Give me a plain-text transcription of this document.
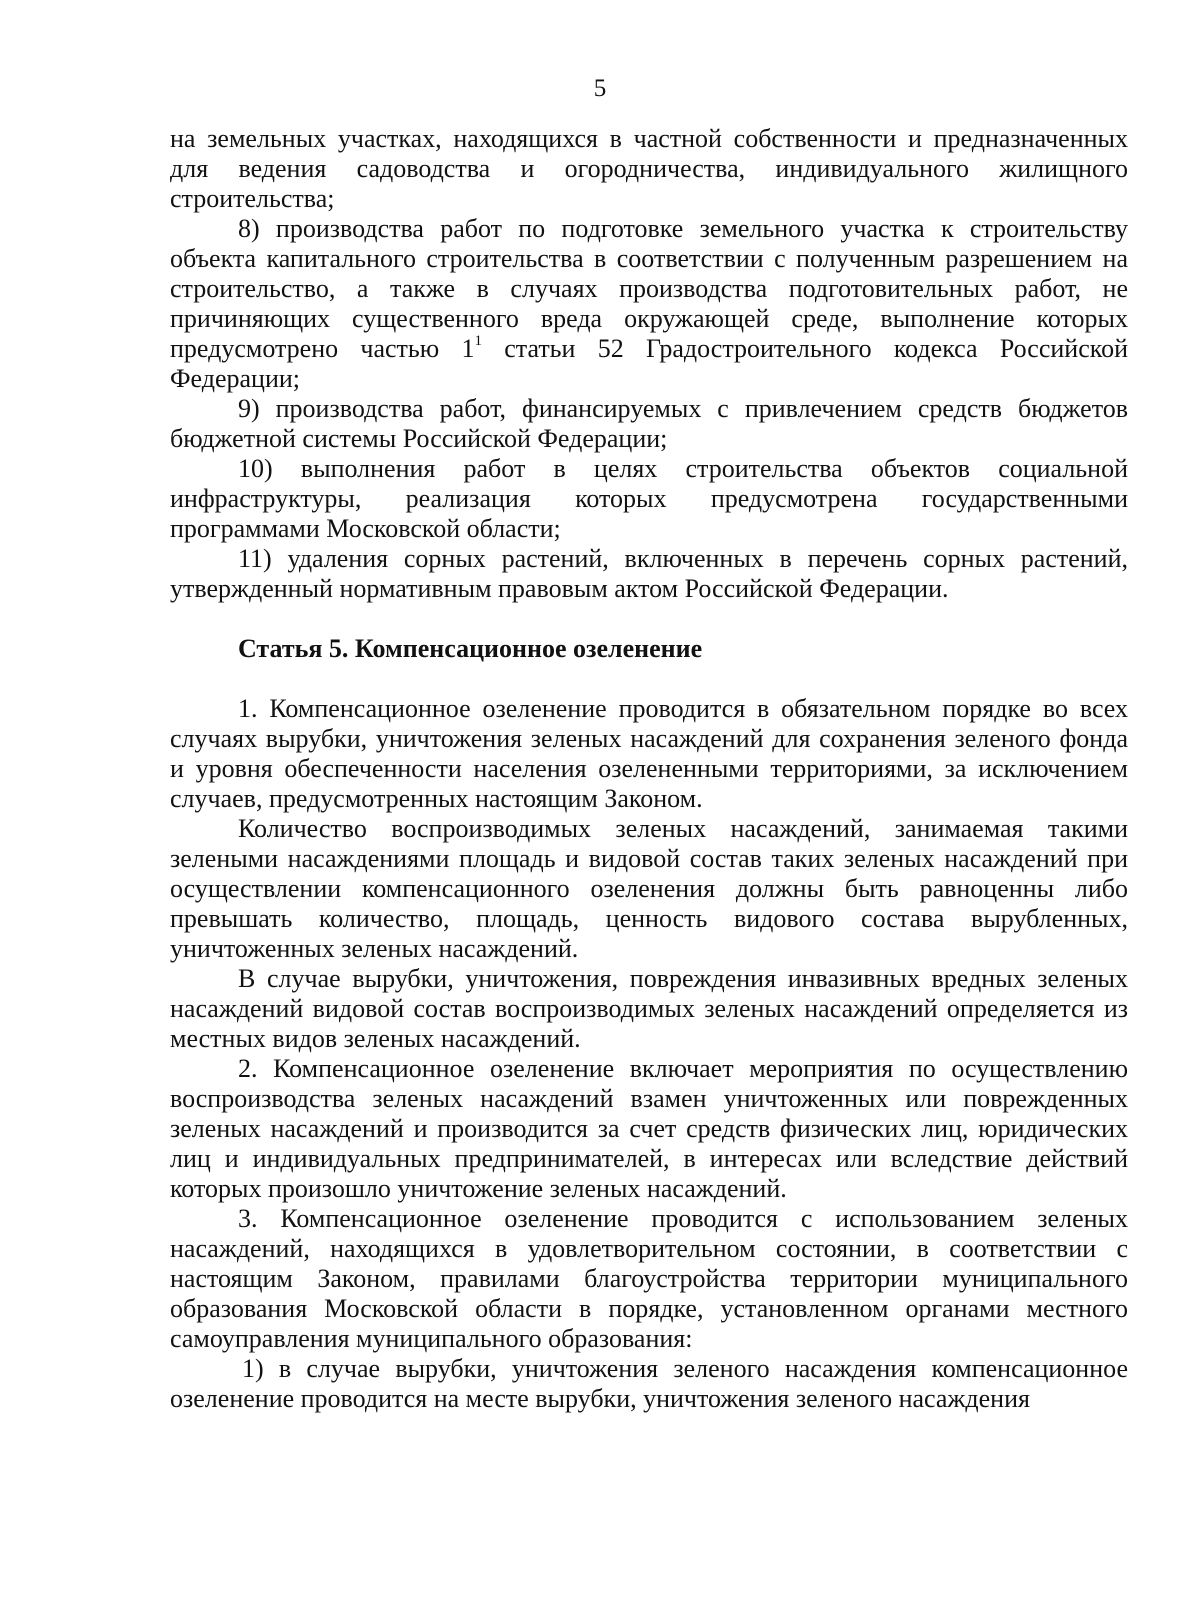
5

на земельных участках, находящихся в частной собственности и предназначенных для ведения садоводства и огородничества, индивидуального жилищного строительства;

8) производства работ по подготовке земельного участка к строительству объекта капитального строительства в соответствии с полученным разрешением на строительство, а также в случаях производства подготовительных работ, не причиняющих существенного вреда окружающей среде, выполнение которых предусмотрено частью $1^1$ статьи 52 Градостроительного кодекса Российской Федерации;

9) производства работ, финансируемых с привлечением средств бюджетов бюджетной системы Российской Федерации;

10) выполнения работ в целях строительства объектов социальной инфраструктуры, реализация которых предусмотрена государственными программами Московской области;

11) удаления сорных растений, включенных в перечень сорных растений, утвержденный нормативным правовым актом Российской Федерации.

Статья 5. Компенсационное озеленение

1. Компенсационное озеленение проводится в обязательном порядке во всех случаях вырубки, уничтожения зеленых насаждений для сохранения зеленого фонда и уровня обеспеченности населения озелененными территориями, за исключением случаев, предусмотренных настоящим Законом.

Количество воспроизводимых зеленых насаждений, занимаемая такими зелеными насаждениями площадь и видовой состав таких зеленых насаждений при осуществлении компенсационного озеленения должны быть равноценны либо превышать количество, площадь, ценность видового состава вырубленных, уничтоженных зеленых насаждений.

В случае вырубки, уничтожения, повреждения инвазивных вредных зеленых насаждений видовой состав воспроизводимых зеленых насаждений определяется из местных видов зеленых насаждений.

2. Компенсационное озеленение включает мероприятия по осуществлению воспроизводства зеленых насаждений взамен уничтоженных или поврежденных зеленых насаждений и производится за счет средств физических лиц, юридических лиц и индивидуальных предпринимателей, в интересах или вследствие действий которых произошло уничтожение зеленых насаждений.

3. Компенсационное озеленение проводится с использованием зеленых насаждений, находящихся в удовлетворительном состоянии, в соответствии с настоящим Законом, правилами благоустройства территории муниципального образования Московской области в порядке, установленном органами местного самоуправления муниципального образования:

1) в случае вырубки, уничтожения зеленого насаждения компенсационное озеленение проводится на месте вырубки, уничтожения зеленого насаждения
